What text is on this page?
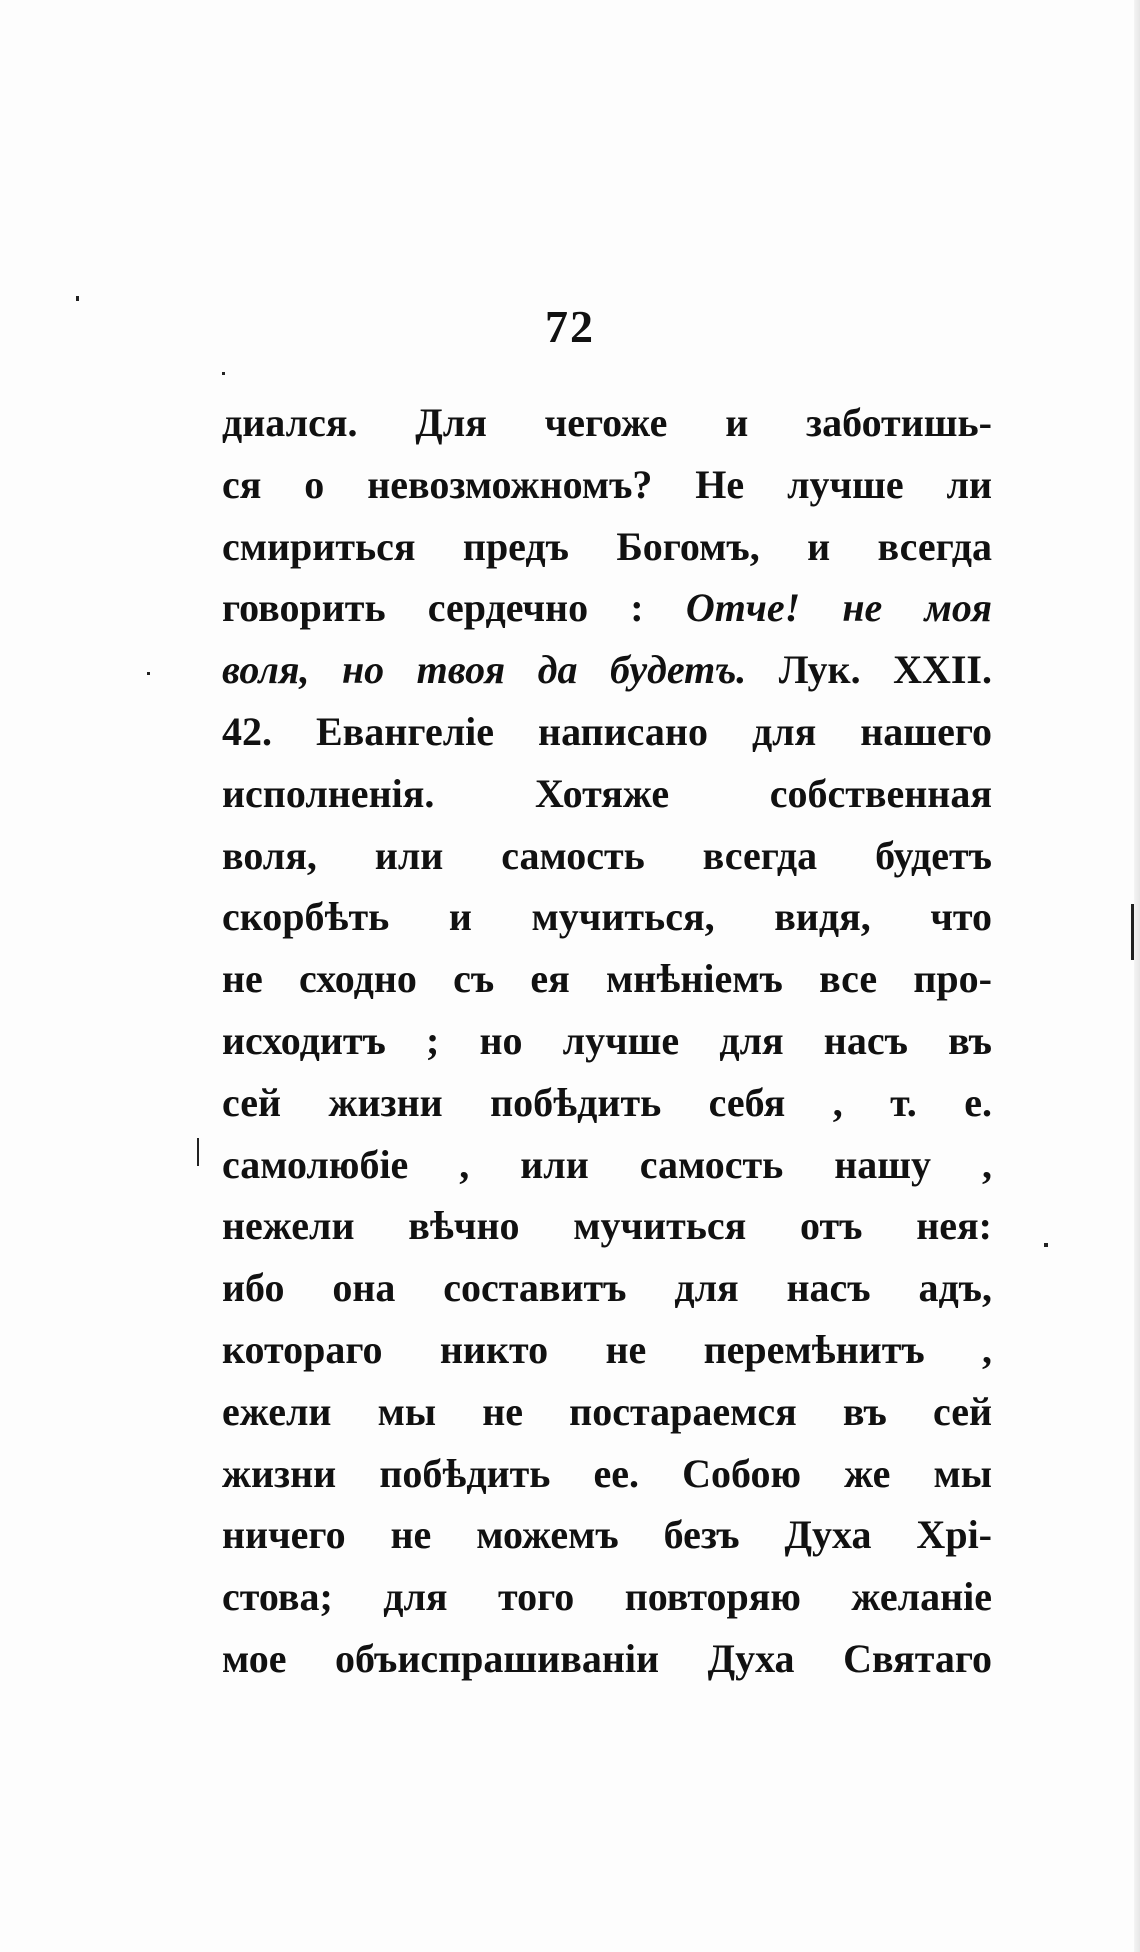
72
диался. Для чегоже и заботишь-
ся о невозможномъ? Не лучше ли
смириться предъ Богомъ, и всегда
говорить сердечно : Отче! не моя
воля, но твоя да будетъ. Лук. XXII.
42. Евангеліе написано для нашего
исполненія. Хотяже собственная
воля, или самость всегда будетъ
скорбѣть и мучиться, видя, что
не сходно съ ея мнѣніемъ все про-
исходитъ ; но лучше для насъ въ
сей жизни побѣдить себя , т. е.
самолюбіе , или самость нашу ,
нежели вѣчно мучиться отъ нея:
ибо она составитъ для насъ адъ,
котораго никто не перемѣнитъ ,
ежели мы не постараемся въ сей
жизни побѣдить ее. Собою же мы
ничего не можемъ безъ Духа Хрі-
стова; для того повторяю желаніе
мое объиспрашиваніи Духа Святаго
